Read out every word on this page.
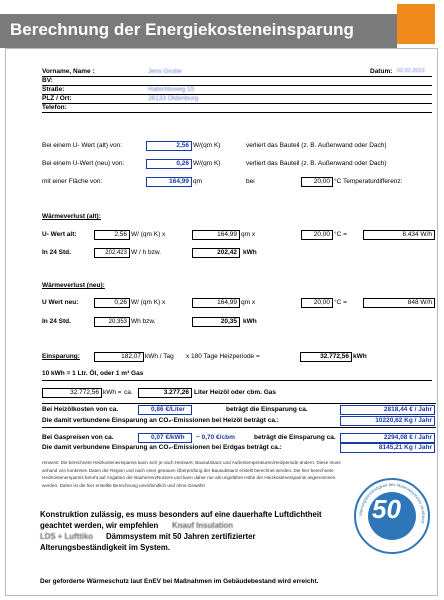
Berechnung der Energiekosteneinsparung
Vorname, Name :	Jens Grube	Datum: 02.02.2013
BV:
Straße:	Habichtsweg 15
PLZ / Ort:	26133 Oldenburg
Telefon:
Bei einem U- Wert (alt) von:	2,56 W/(qm K)	verliert das Bauteil (z. B. Außenwand oder Dach)
Bei einem U-Wert (neu) von:	0,26 W/(qm K)	verliert das Bauteil (z. B. Außenwand oder Dach)
mit einer Fläche von:	164,99 qm	bei	20,00 °C Temperaturdifferenz:
Wärmeverlust (alt):
U- Wert alt:	2,56 W/ (qm K) x	164,99 qm x	20,00 °C =	8.434 W/h
In 24 Std.	202.423 W / h bzw.	202,42 kWh
Wärmeverlust (neu):
U Wert neu:	0,26 W/ (qm K) x	164,99 qm x	20,00 °C =	848 W/h
In 24 Std.	20.353 Wh bzw.	20,35 kWh
Einsparung:	182,07 kWh / Tag x 180 Tage Heizperiode =	32.772,56 kWh
10 kWh = 1 Ltr. Öl, oder 1 m³ Gas
32.772,56 kWh = ca.	3.277,26 Liter Heizöl oder cbm. Gas
Bei Heizölkosten von ca.	0,86 €/Liter	beträgt die Einsparung ca.	2818,44 € / Jahr
Die damit verbundene Einsparung an CO₂-Emissionen bei Heizöl beträgt ca.:	10220,62 Kg / Jahr
Bei Gaspreisen von ca.	0,07 €/kWh	~ 0,70 €/cbm	beträgt die Einsparung ca.	2294,08 € / Jahr
Die damit verbundene Einsparung an CO₂-Emissionen bei Erdgas beträgt ca.:	8145,21 Kg / Jahr
Hinweis: Die berechnete Heizkosteneinsparnis kann sich je nach Heizwert, Bausubstanz und Außentemperaturen/Heizperiode ändern. Diese muss
anhand von konkreten Daten der Region und nach einer genauen Überprüfung der Bausubstanz erstellt berechnet werden. Die hier berechnete
Heizkostenersparnis beruht auf Angaben der Bauherren/Nutzers und kann daher nur als ungefähre Höhe der Heizkostenersparnis angenommen
werden. Daher ist die hier erstellte Berechnung unverbindlich und ohne Gewähr!
Konstruktion zulässig, es muss besonders auf eine dauerhafte Luftdichtheit
geachtet werden, wir empfehlen Knauf Insulation
LDS + Lufttiko Dämmsystem mit 50 Jahren zertifizierter
Alterungsbeständigkeit im System.
50
Alterungsbeständigkeit des Materialsystems zertifiziert
Der geforderte Wärmeschutz laut EnEV bei Maßnahmen im Gebäudebestand wird erreicht.
